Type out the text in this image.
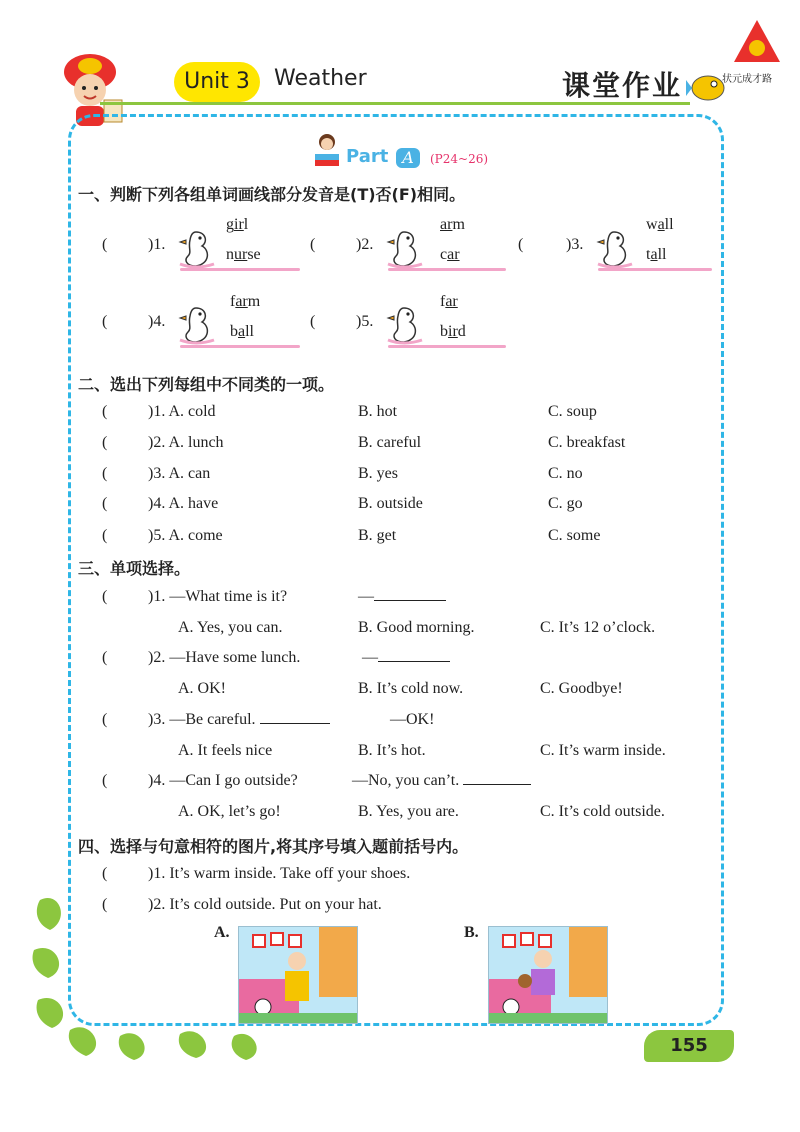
Unit 3	Weather	课堂作业	状元成才路
Part A	(P24~26)
一、判断下列各组单词画线部分发音是(T)否(F)相同。
( )1.
girl
nurse
( )2.
arm
car
( )3.
wall
tall
( )4.
farm
ball
( )5.
far
bird
二、选出下列每组中不同类的一项。
( )1. A. cold	B. hot	C. soup
( )2. A. lunch	B. careful	C. breakfast
( )3. A. can	B. yes	C. no
( )4. A. have	B. outside	C. go
( )5. A. come	B. get	C. some
三、单项选择。
( )1. —What time is it?	—
A. Yes, you can.	B. Good morning.	C. It’s 12 o’clock.
( )2. —Have some lunch.	—
A. OK!	B. It’s cold now.	C. Goodbye!
( )3. —Be careful.	—OK!
A. It feels nice	B. It’s hot.	C. It’s warm inside.
( )4. —Can I go outside?	—No, you can’t.
A. OK, let’s go!	B. Yes, you are.	C. It’s cold outside.
四、选择与句意相符的图片,将其序号填入题前括号内。
( )1. It’s warm inside. Take off your shoes.
( )2. It’s cold outside. Put on your hat.
A.	B.
155
